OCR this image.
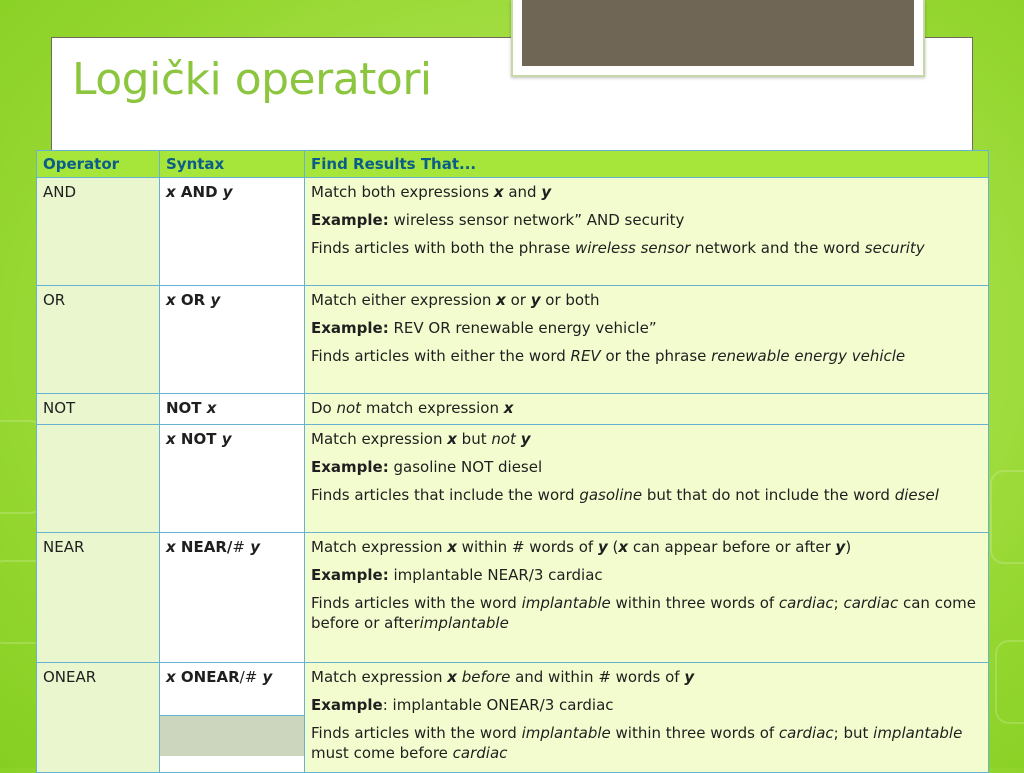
Logički operatori
Operator	Syntax	Find Results That...
AND	x AND y	Match both expressions x and y

Example: wireless sensor network” AND security

Finds articles with both the phrase wireless sensor network and the word security

OR	x OR y	Match either expression x or y or both

Example: REV OR renewable energy vehicle”

Finds articles with either the word REV or the phrase renewable energy vehicle

NOT	NOT x	Do not match expression x

	x NOT y	Match expression x but not y

Example: gasoline NOT diesel

Finds articles that include the word gasoline but that do not include the word diesel

NEAR	x NEAR/# y	Match expression x within # words of y (x can appear before or after y)

Example: implantable NEAR/3 cardiac

Finds articles with the word implantable within three words of cardiac; cardiac can come before or afterimplantable

ONEAR	x ONEAR/# y	Match expression x before and within # words of y

Example: implantable ONEAR/3 cardiac

Finds articles with the word implantable within three words of cardiac; but implantable must come before cardiac
